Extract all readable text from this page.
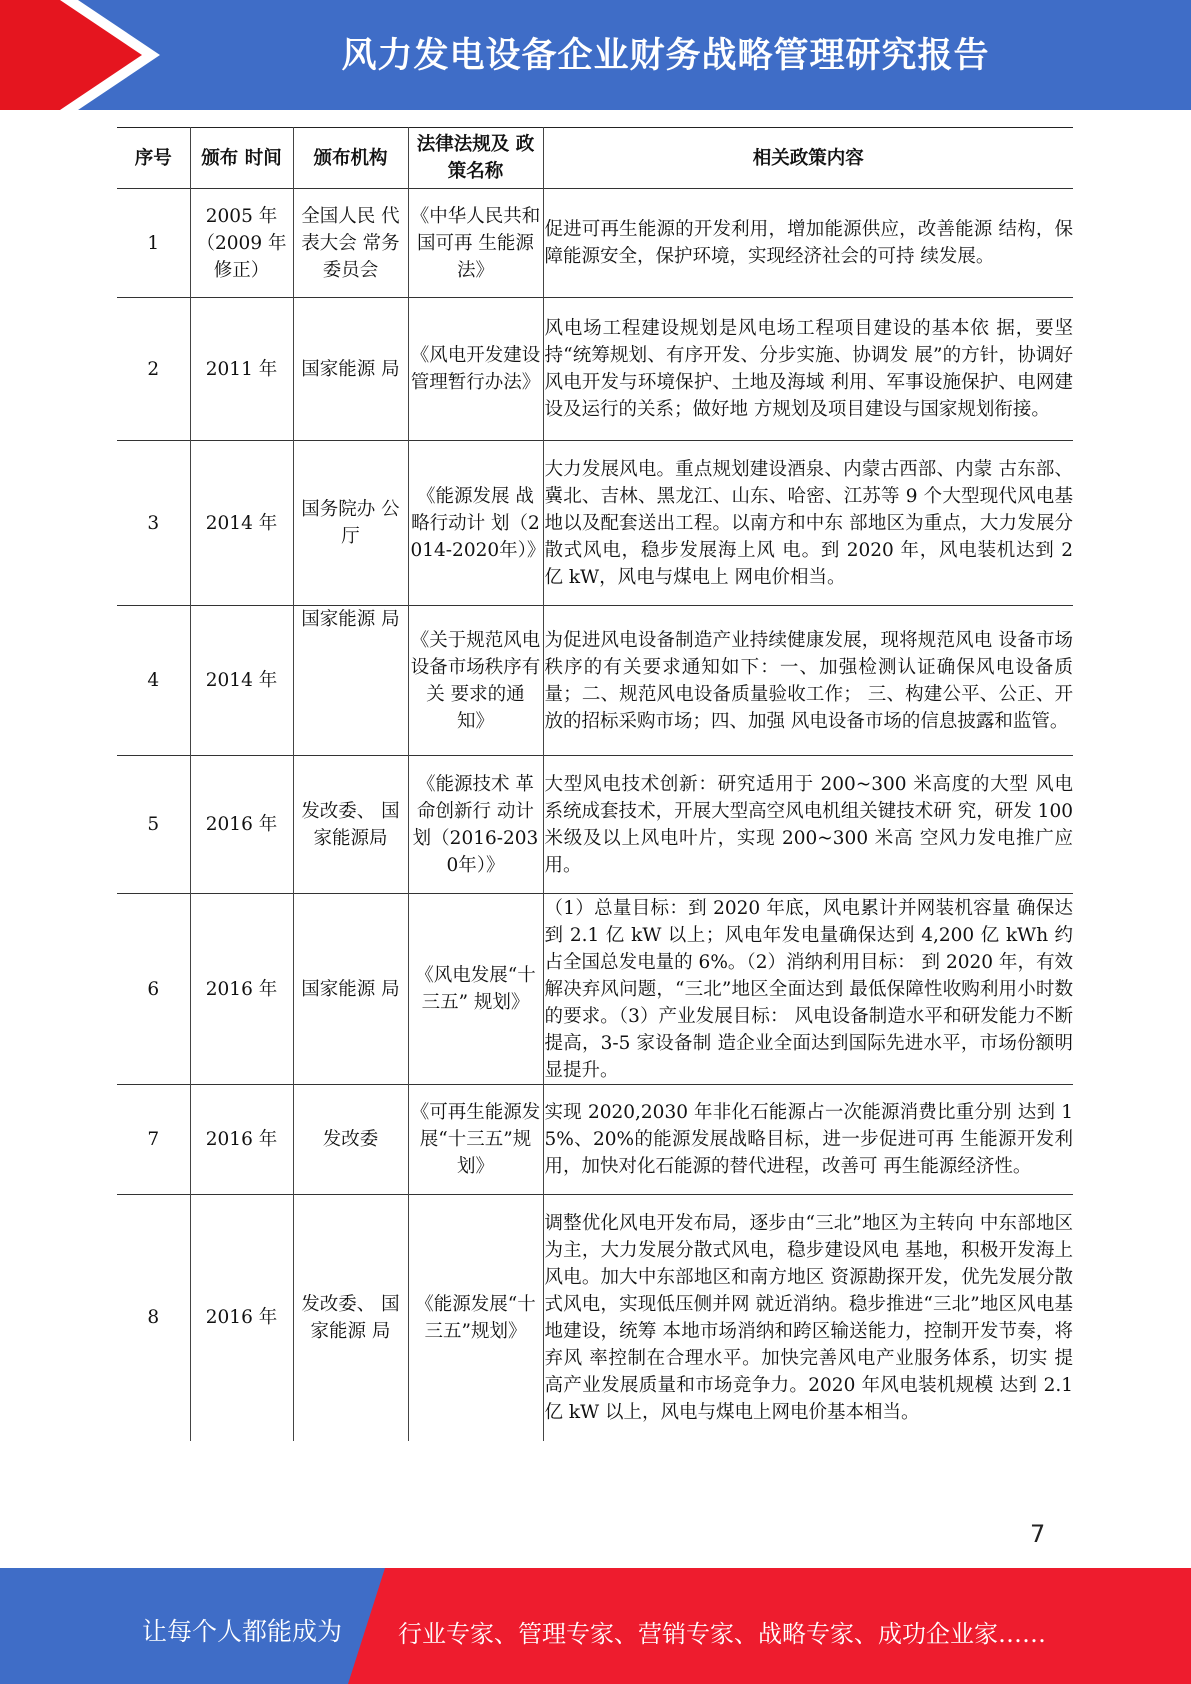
风力发电设备企业财务战略管理研究报告
序号	颁布 时间	颁布机构	法律法规及 政策名称	相关政策内容
1	2005 年（2009 年修正）	全国人民 代表大会 常务委员会	《中华人民共和国可再 生能源法》	促进可再生能源的开发利用，增加能源供应，改善能源 结构，保障能源安全，保护环境，实现经济社会的可持 续发展。
2	2011 年	国家能源 局	《风电开发建设管理暂行办法》	风电场工程建设规划是风电场工程项目建设的基本依 据，要坚持“统筹规划、有序开发、分步实施、协调发 展”的方针，协调好风电开发与环境保护、土地及海域 利用、军事设施保护、电网建设及运行的关系；做好地 方规划及项目建设与国家规划衔接。
3	2014 年	国务院办 公厅	《能源发展 战略行动计 划（2014-2020年）》	大力发展风电。重点规划建设酒泉、内蒙古西部、内蒙 古东部、冀北、吉林、黑龙江、山东、哈密、江苏等 9 个大型现代风电基地以及配套送出工程。以南方和中东 部地区为重点，大力发展分散式风电，稳步发展海上风 电。到 2020 年，风电装机达到 2 亿 kW，风电与煤电上 网电价相当。
4	2014 年	国家能源 局	《关于规范风电设备市场秩序有关 要求的通 知》	为促进风电设备制造产业持续健康发展，现将规范风电 设备市场秩序的有关要求通知如下：一、加强检测认证确保风电设备质量；二、规范风电设备质量验收工作； 三、构建公平、公正、开放的招标采购市场；四、加强 风电设备市场的信息披露和监管。
5	2016 年	发改委、 国家能源局	《能源技术 革命创新行 动计划（2016-2030年）》	大型风电技术创新：研究适用于 200~300 米高度的大型 风电系统成套技术，开展大型高空风电机组关键技术研 究，研发 100 米级及以上风电叶片，实现 200~300 米高 空风力发电推广应用。
6	2016 年	国家能源 局	《风电发展“十三五” 规划》	（1）总量目标：到 2020 年底，风电累计并网装机容量 确保达到 2.1 亿 kW 以上；风电年发电量确保达到 4,200 亿 kWh 约占全国总发电量的 6%。（2）消纳利用目标： 到 2020 年，有效解决弃风问题，“三北”地区全面达到 最低保障性收购利用小时数的要求。（3）产业发展目标： 风电设备制造水平和研发能力不断提高，3-5 家设备制 造企业全面达到国际先进水平，市场份额明显提升。
7	2016 年	发改委	《可再生能源发展“十三五”规 划》	实现 2020,2030 年非化石能源占一次能源消费比重分别 达到 15%、20%的能源发展战略目标，进一步促进可再 生能源开发利用，加快对化石能源的替代进程，改善可 再生能源经济性。
8	2016 年	发改委、 国家能源 局	《能源发展“十三五”规划》	调整优化风电开发布局，逐步由“三北”地区为主转向 中东部地区为主，大力发展分散式风电，稳步建设风电 基地，积极开发海上风电。加大中东部地区和南方地区 资源勘探开发，优先发展分散式风电，实现低压侧并网 就近消纳。稳步推进“三北”地区风电基地建设，统筹 本地市场消纳和跨区输送能力，控制开发节奏，将弃风 率控制在合理水平。加快完善风电产业服务体系，切实 提高产业发展质量和市场竞争力。2020 年风电装机规模 达到 2.1 亿 kW 以上，风电与煤电上网电价基本相当。
7
让每个人都能成为 行业专家、管理专家、营销专家、战略专家、成功企业家……
